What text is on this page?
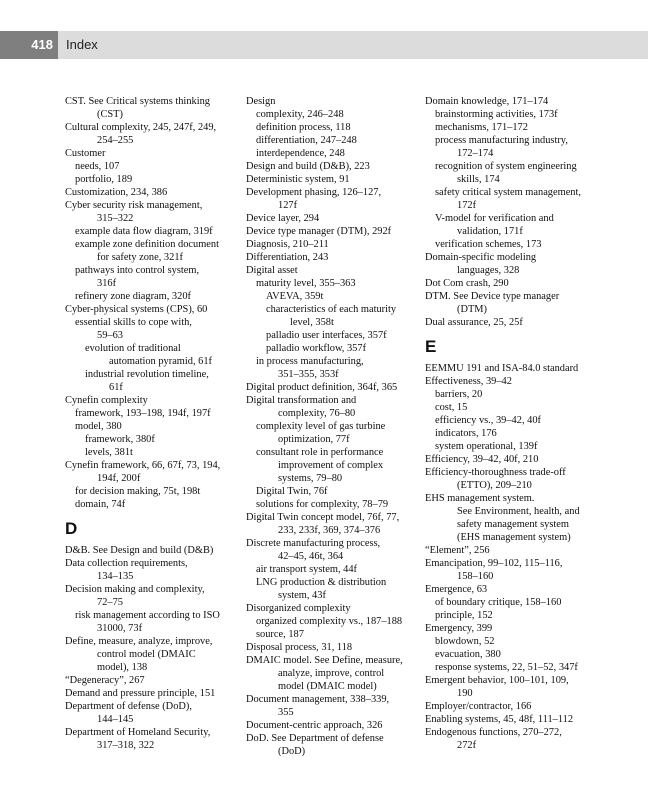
418	Index
CST. See Critical systems thinking
(CST)
Cultural complexity, 245, 247f, 249,
254–255
Customer
needs, 107
portfolio, 189
Customization, 234, 386
Cyber security risk management,
315–322
example data flow diagram, 319f
example zone definition document
for safety zone, 321f
pathways into control system,
316f
refinery zone diagram, 320f
Cyber-physical systems (CPS), 60
essential skills to cope with,
59–63
evolution of traditional
automation pyramid, 61f
industrial revolution timeline,
61f
Cynefin complexity
framework, 193–198, 194f, 197f
model, 380
framework, 380f
levels, 381t
Cynefin framework, 66, 67f, 73, 194,
194f, 200f
for decision making, 75t, 198t
domain, 74f
D
D&B. See Design and build (D&B)
Data collection requirements,
134–135
Decision making and complexity,
72–75
risk management according to ISO
31000, 73f
Define, measure, analyze, improve,
control model (DMAIC
model), 138
“Degeneracy”, 267
Demand and pressure principle, 151
Department of defense (DoD),
144–145
Department of Homeland Security,
317–318, 322
Design
complexity, 246–248
definition process, 118
differentiation, 247–248
interdependence, 248
Design and build (D&B), 223
Deterministic system, 91
Development phasing, 126–127,
127f
Device layer, 294
Device type manager (DTM), 292f
Diagnosis, 210–211
Differentiation, 243
Digital asset
maturity level, 355–363
AVEVA, 359t
characteristics of each maturity
level, 358t
palladio user interfaces, 357f
palladio workflow, 357f
in process manufacturing,
351–355, 353f
Digital product definition, 364f, 365
Digital transformation and
complexity, 76–80
complexity level of gas turbine
optimization, 77f
consultant role in performance
improvement of complex
systems, 79–80
Digital Twin, 76f
solutions for complexity, 78–79
Digital Twin concept model, 76f, 77,
233, 233f, 369, 374–376
Discrete manufacturing process,
42–45, 46t, 364
air transport system, 44f
LNG production & distribution
system, 43f
Disorganized complexity
organized complexity vs., 187–188
source, 187
Disposal process, 31, 118
DMAIC model. See Define, measure,
analyze, improve, control
model (DMAIC model)
Document management, 338–339,
355
Document-centric approach, 326
DoD. See Department of defense
(DoD)
Domain knowledge, 171–174
brainstorming activities, 173f
mechanisms, 171–172
process manufacturing industry,
172–174
recognition of system engineering
skills, 174
safety critical system management,
172f
V-model for verification and
validation, 171f
verification schemes, 173
Domain-specific modeling
languages, 328
Dot Com crash, 290
DTM. See Device type manager
(DTM)
Dual assurance, 25, 25f
E
EEMMU 191 and ISA-84.0 standard
Effectiveness, 39–42
barriers, 20
cost, 15
efficiency vs., 39–42, 40f
indicators, 176
system operational, 139f
Efficiency, 39–42, 40f, 210
Efficiency-thoroughness trade-off
(ETTO), 209–210
EHS management system.
See Environment, health, and
safety management system
(EHS management system)
“Element”, 256
Emancipation, 99–102, 115–116,
158–160
Emergence, 63
of boundary critique, 158–160
principle, 152
Emergency, 399
blowdown, 52
evacuation, 380
response systems, 22, 51–52, 347f
Emergent behavior, 100–101, 109,
190
Employer/contractor, 166
Enabling systems, 45, 48f, 111–112
Endogenous functions, 270–272,
272f
